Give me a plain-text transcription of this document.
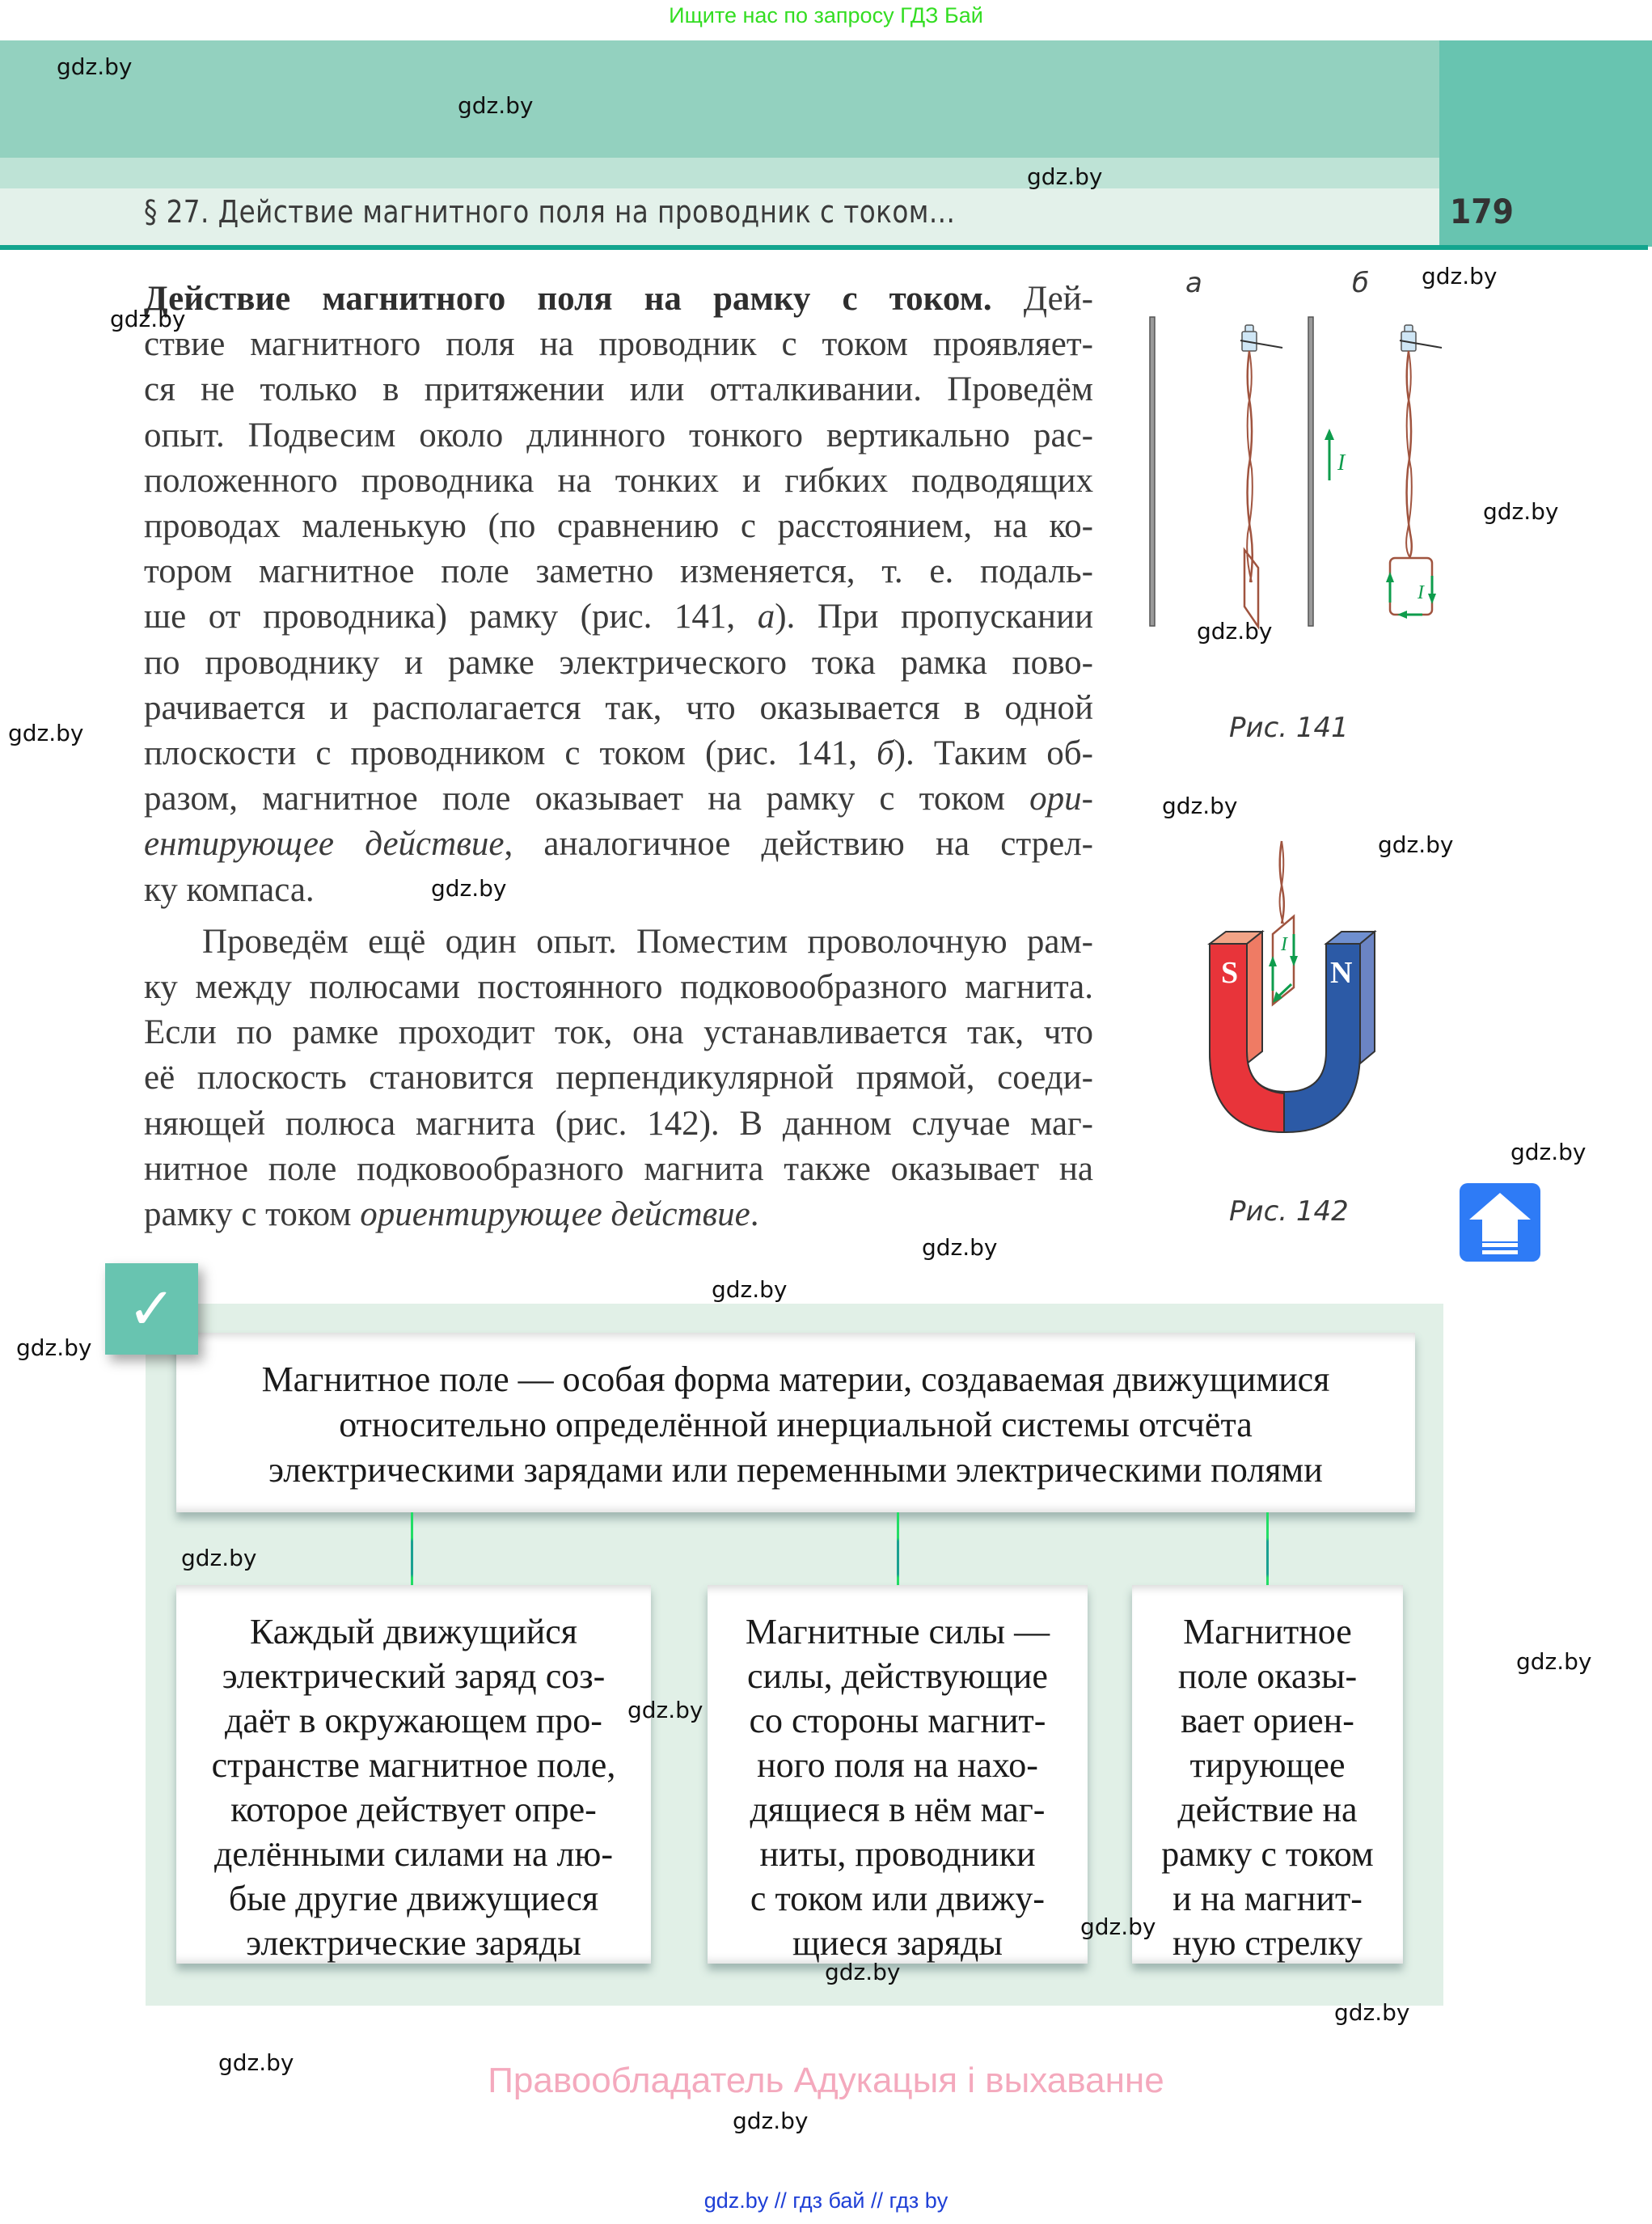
Ищите нас по запросу ГДЗ Бай
§ 27. Действие магнитного поля на проводник с током...	179
Действие магнитного поля на рамку с током. Дей-
ствие магнитного поля на проводник с током проявляет-
ся не только в притяжении или отталкивании. Проведём
опыт. Подвесим около длинного тонкого вертикально рас-
положенного проводника на тонких и гибких подводящих
проводах маленькую (по сравнению с расстоянием, на ко-
тором магнитное поле заметно изменяется, т. е. подаль-
ше от проводника) рамку (рис. 141, а). При пропускании
по проводнику и рамке электрического тока рамка пово-
рачивается и располагается так, что оказывается в одной
плоскости с проводником с током (рис. 141, б). Таким об-
разом, магнитное поле оказывает на рамку с током ори-
ентирующее действие, аналогичное действию на стрел-
ку компаса.
Проведём ещё один опыт. Поместим проволочную рам-
ку между полюсами постоянного подковообразного магнита.
Если по рамке проходит ток, она устанавливается так, что
её плоскость становится перпендикулярной прямой, соеди-
няющей полюса магнита (рис. 142). В данном случае маг-
нитное поле подковообразного магнита также оказывает на
рамку с током ориентирующее действие.
а	б
I
I
Рис. 141
S	N
I
Рис. 142
✓
Магнитное поле — особая форма материи, создаваемая движущимися
относительно определённой инерциальной системы отсчёта
электрическими зарядами или переменными электрическими полями
Каждый движущийся
электрический заряд соз-
даёт в окружающем про-
странстве магнитное поле,
которое действует опре-
делёнными силами на лю-
бые другие движущиеся
электрические заряды
Магнитные силы —
силы, действующие
со стороны магнит-
ного поля на нахо-
дящиеся в нём маг-
ниты, проводники
с током или движу-
щиеся заряды
Магнитное
поле оказы-
вает ориен-
тирующее
действие на
рамку с током
и на магнит-
ную стрелку
Правообладатель Адукацыя і выхаванне
gdz.by // гдз бай // гдз by
gdz.by
gdz.by
gdz.by
gdz.by
gdz.by
gdz.by
gdz.by
gdz.by
gdz.by
gdz.by
gdz.by
gdz.by
gdz.by
gdz.by
gdz.by
gdz.by
gdz.by
gdz.by
gdz.by
gdz.by
gdz.by
gdz.by
gdz.by
